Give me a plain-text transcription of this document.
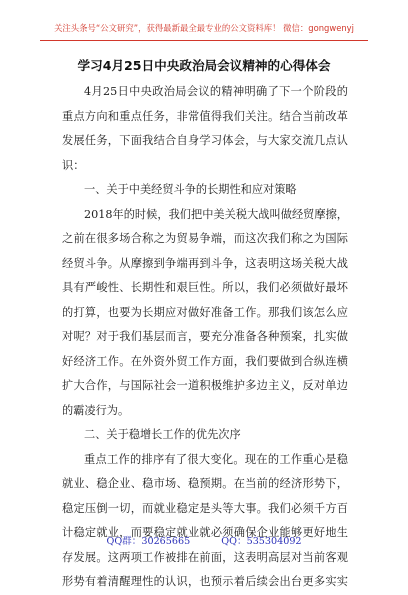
关注头条号“公文研究”，获得最新最全最专业的公文资料库！ 微信：gongwenyj
学习4月25日中央政治局会议精神的心得体会
4月25日中央政治局会议的精神明确了下一个阶段的
重点方向和重点任务，非常值得我们关注。结合当前改革
发展任务，下面我结合自身学习体会，与大家交流几点认
识：
一、关于中美经贸斗争的长期性和应对策略
2018年的时候，我们把中美关税大战叫做经贸摩擦，
之前在很多场合称之为贸易争端，而这次我们称之为国际
经贸斗争。从摩擦到争端再到斗争，这表明这场关税大战
具有严峻性、长期性和艰巨性。所以，我们必须做好最坏
的打算，也要为长期应对做好准备工作。那我们该怎么应
对呢？对于我们基层而言，要充分准备各种预案，扎实做
好经济工作。在外资外贸工作方面，我们要做到合纵连横
扩大合作，与国际社会一道积极维护多边主义，反对单边
的霸凌行为。
二、关于稳增长工作的优先次序
重点工作的排序有了很大变化。现在的工作重心是稳
就业、稳企业、稳市场、稳预期。在当前的经济形势下，
稳定压倒一切，而就业稳定是头等大事。我们必须千方百
计稳定就业，而要稳定就业就必须确保企业能够更好地生
存发展。这两项工作被排在前面，这表明高层对当前客观
形势有着清醒理性的认识，也预示着后续会出台更多实实
QQ群：30265665	QQ：535304092
